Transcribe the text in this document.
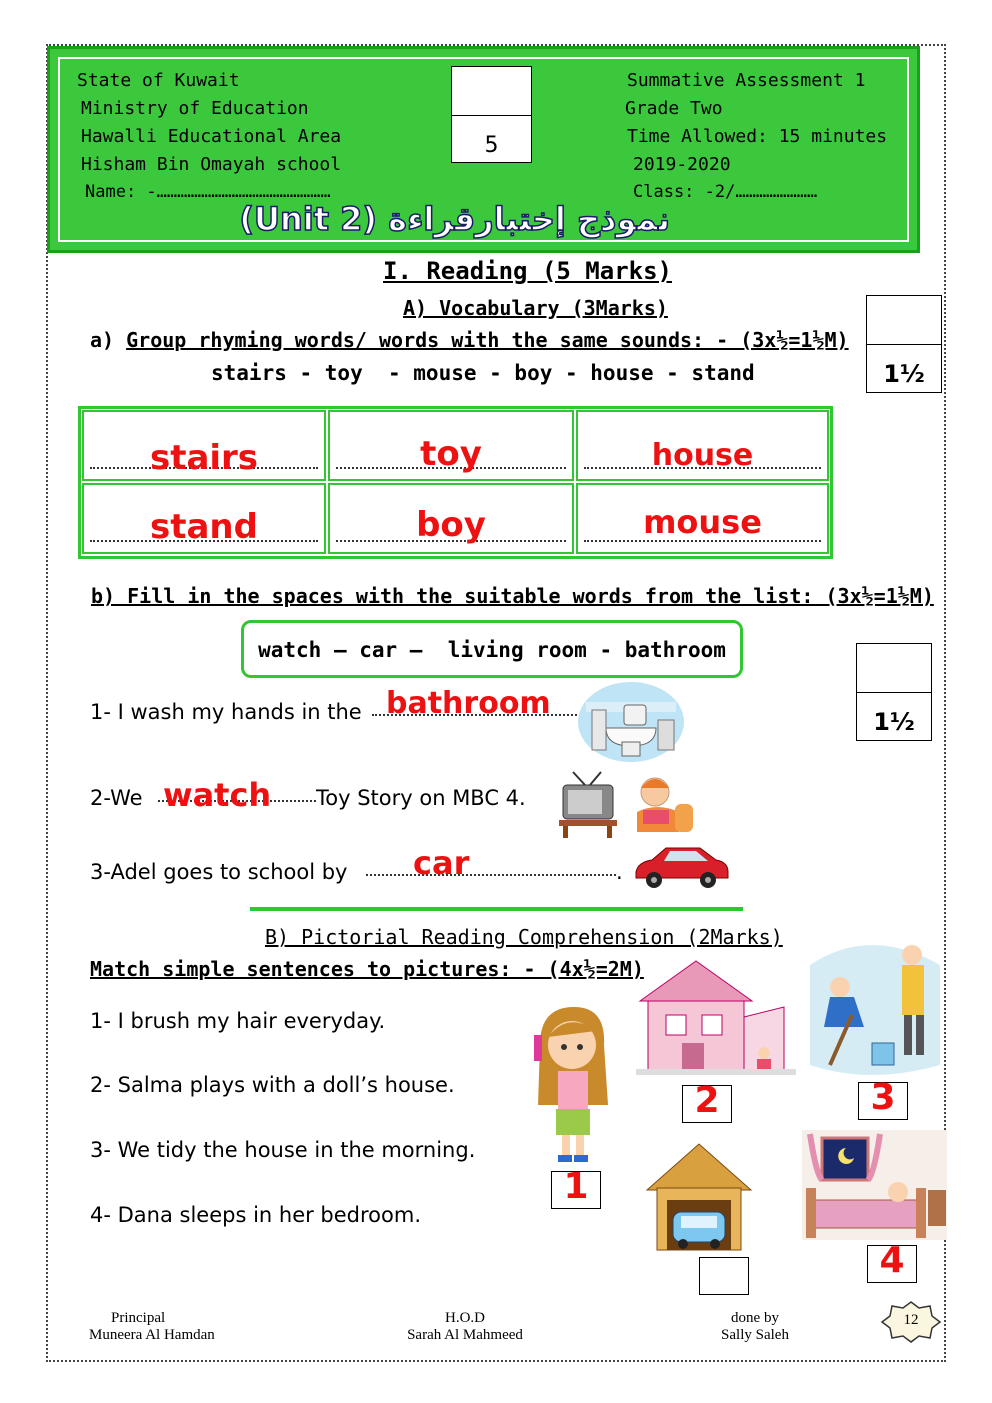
State of Kuwait
Ministry of Education
Hawalli Educational Area
Hisham Bin Omayah school
Name: -……………………………………………
Summative Assessment 1
Grade Two
Time Allowed: 15 minutes
2019-2020
Class: -2/……………………
5
نموذج إختبارقراءة (Unit 2)
I. Reading (5 Marks)
A) Vocabulary (3Marks)
a) Group rhyming words/ words with the same sounds: - (3x½=1½M)
stairs - toy  - mouse - boy - house - stand	1½
stairs	toy	house
stand	boy	mouse
b) Fill in the spaces with the suitable words from the list: (3x½=1½M)
watch – car –  living room - bathroom
1½
1- I wash my hands in the bathroom
2-We watch Toy Story on MBC 4.
3-Adel goes to school by car	.
B) Pictorial Reading Comprehension (2Marks)
Match simple sentences to pictures: - (4x½=2M)
1- I brush my hair everyday.
2- Salma plays with a doll’s house.
3- We tidy the house in the morning.
4- Dana sleeps in her bedroom.
1
2	3
4
Principal
Muneera Al Hamdan
H.O.D
Sarah Al Mahmeed
done by
Sally Saleh
12
